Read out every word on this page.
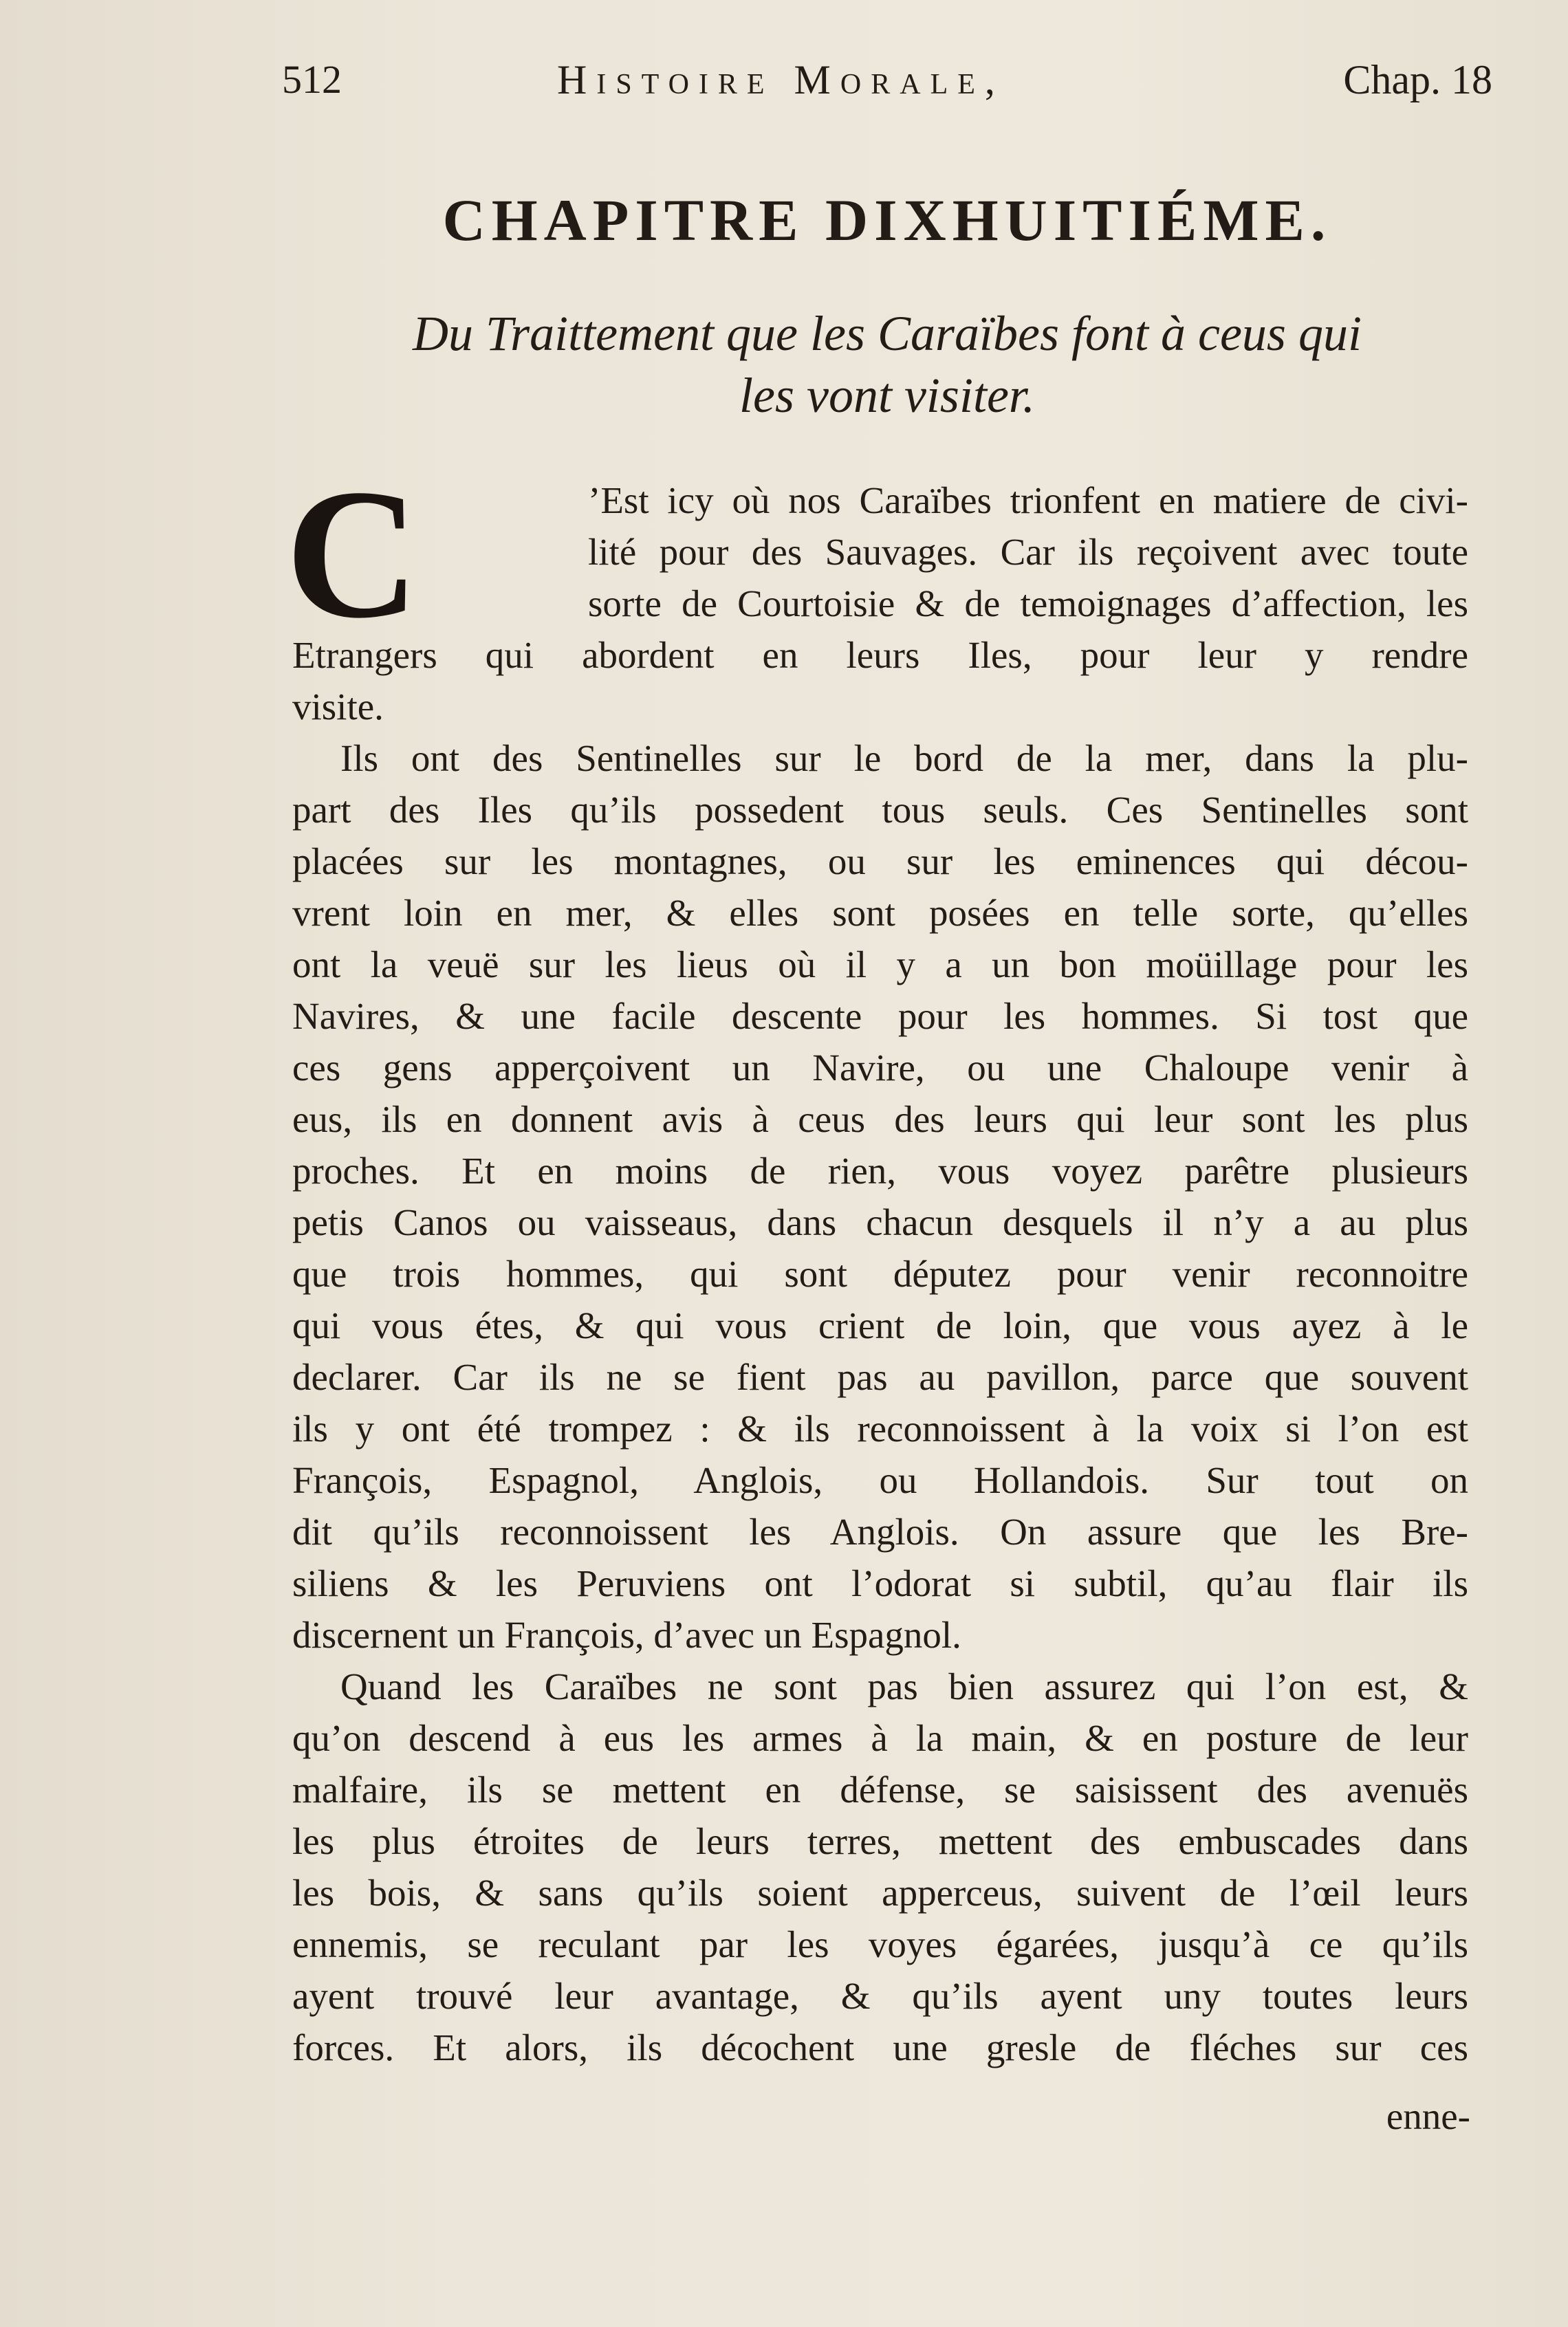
512	Histoire Morale,	Chap. 18
CHAPITRE DIXHUITIÉME.
Du Traittement que les Caraïbes font à ceus qui
les vont visiter.
C	’Est icy où nos Caraïbes trionfent en matiere de civi-
lité pour des Sauvages. Car ils reçoivent avec toute
sorte de Courtoisie & de temoignages d’affection, les
Etrangers qui abordent en leurs Iles, pour leur y rendre
visite.
Ils ont des Sentinelles sur le bord de la mer, dans la plu-
part des Iles qu’ils possedent tous seuls. Ces Sentinelles sont
placées sur les montagnes, ou sur les eminences qui décou-
vrent loin en mer, & elles sont posées en telle sorte, qu’elles
ont la veuë sur les lieus où il y a un bon moüillage pour les
Navires, & une facile descente pour les hommes. Si tost que
ces gens apperçoivent un Navire, ou une Chaloupe venir à
eus, ils en donnent avis à ceus des leurs qui leur sont les plus
proches. Et en moins de rien, vous voyez parêtre plusieurs
petis Canos ou vaisseaus, dans chacun desquels il n’y a au plus
que trois hommes, qui sont députez pour venir reconnoitre
qui vous étes, & qui vous crient de loin, que vous ayez à le
declarer. Car ils ne se fient pas au pavillon, parce que souvent
ils y ont été trompez : & ils reconnoissent à la voix si l’on est
François, Espagnol, Anglois, ou Hollandois. Sur tout on
dit qu’ils reconnoissent les Anglois. On assure que les Bre-
siliens & les Peruviens ont l’odorat si subtil, qu’au flair ils
discernent un François, d’avec un Espagnol.
Quand les Caraïbes ne sont pas bien assurez qui l’on est, &
qu’on descend à eus les armes à la main, & en posture de leur
malfaire, ils se mettent en défense, se saisissent des avenuës
les plus étroites de leurs terres, mettent des embuscades dans
les bois, & sans qu’ils soient apperceus, suivent de l’œil leurs
ennemis, se reculant par les voyes égarées, jusqu’à ce qu’ils
ayent trouvé leur avantage, & qu’ils ayent uny toutes leurs
forces. Et alors, ils décochent une gresle de fléches sur ces
enne-
